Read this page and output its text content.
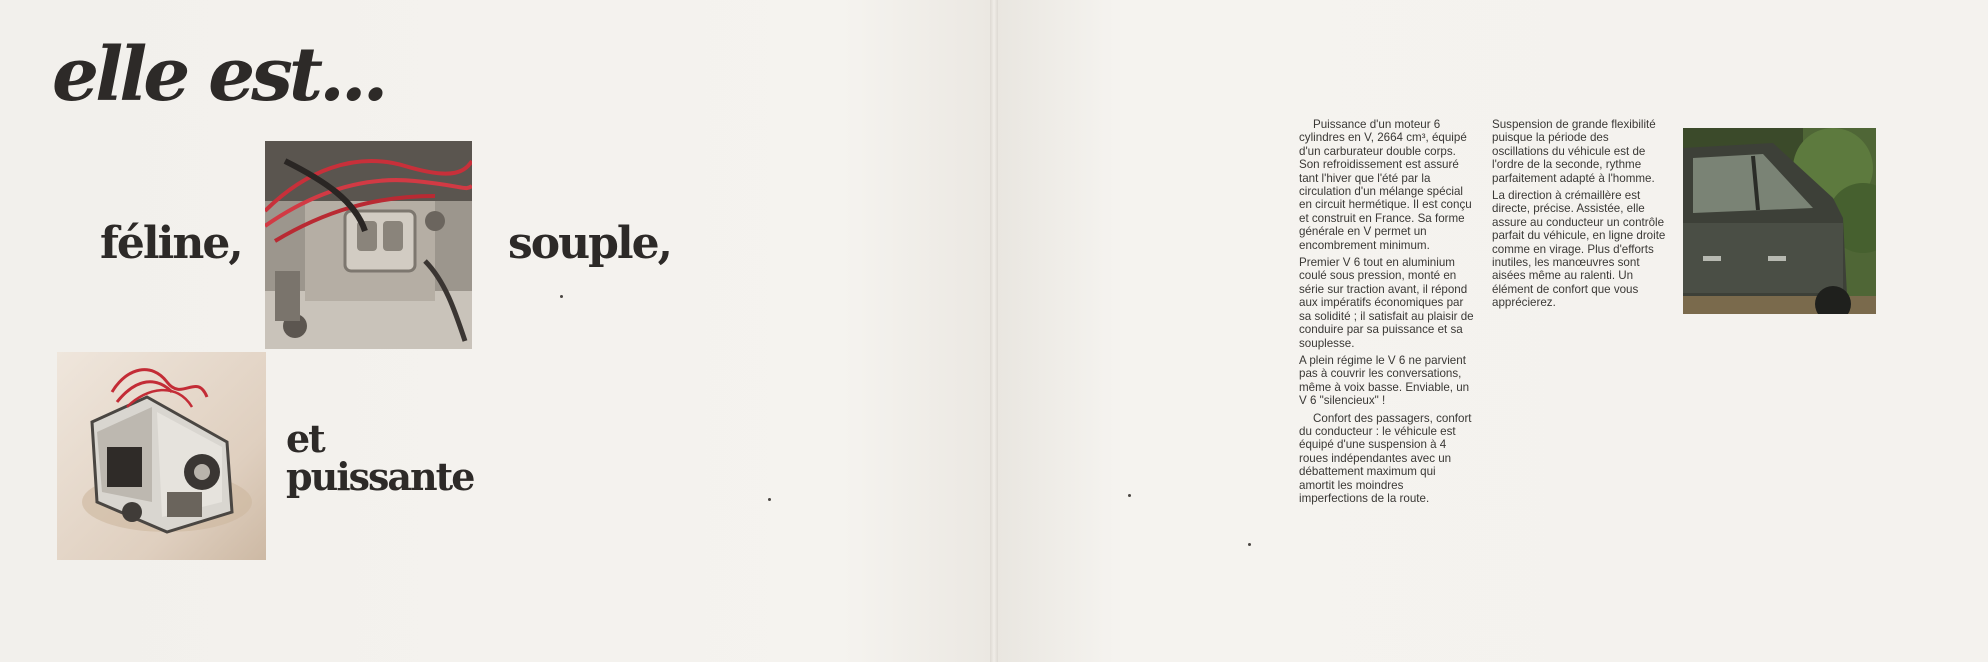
elle est...
féline,	souple,
et
puissante

Puissance d'un moteur 6 cylindres en V, 2664 cm³, équipé d'un carburateur double corps. Son refroidissement est assuré tant l'hiver que l'été par la circulation d'un mélange spécial en circuit hermétique. Il est conçu et construit en France. Sa forme générale en V permet un encombrement minimum.

Premier V 6 tout en aluminium coulé sous pression, monté en série sur traction avant, il répond aux impératifs économiques par sa solidité ; il satisfait au plaisir de conduire par sa puissance et sa souplesse.

A plein régime le V 6 ne parvient pas à couvrir les conversations, même à voix basse. Enviable, un V 6 "silencieux" !

Confort des passagers, confort du conducteur : le véhicule est équipé d'une suspension à 4 roues indépendantes avec un débattement maximum qui amortit les moindres imperfections de la route.

Suspension de grande flexibilité puisque la période des oscillations du véhicule est de l'ordre de la seconde, rythme parfaitement adapté à l'homme.

La direction à crémaillère est directe, précise. Assistée, elle assure au conducteur un contrôle parfait du véhicule, en ligne droite comme en virage. Plus d'efforts inutiles, les manœuvres sont aisées même au ralenti. Un élément de confort que vous apprécierez.
